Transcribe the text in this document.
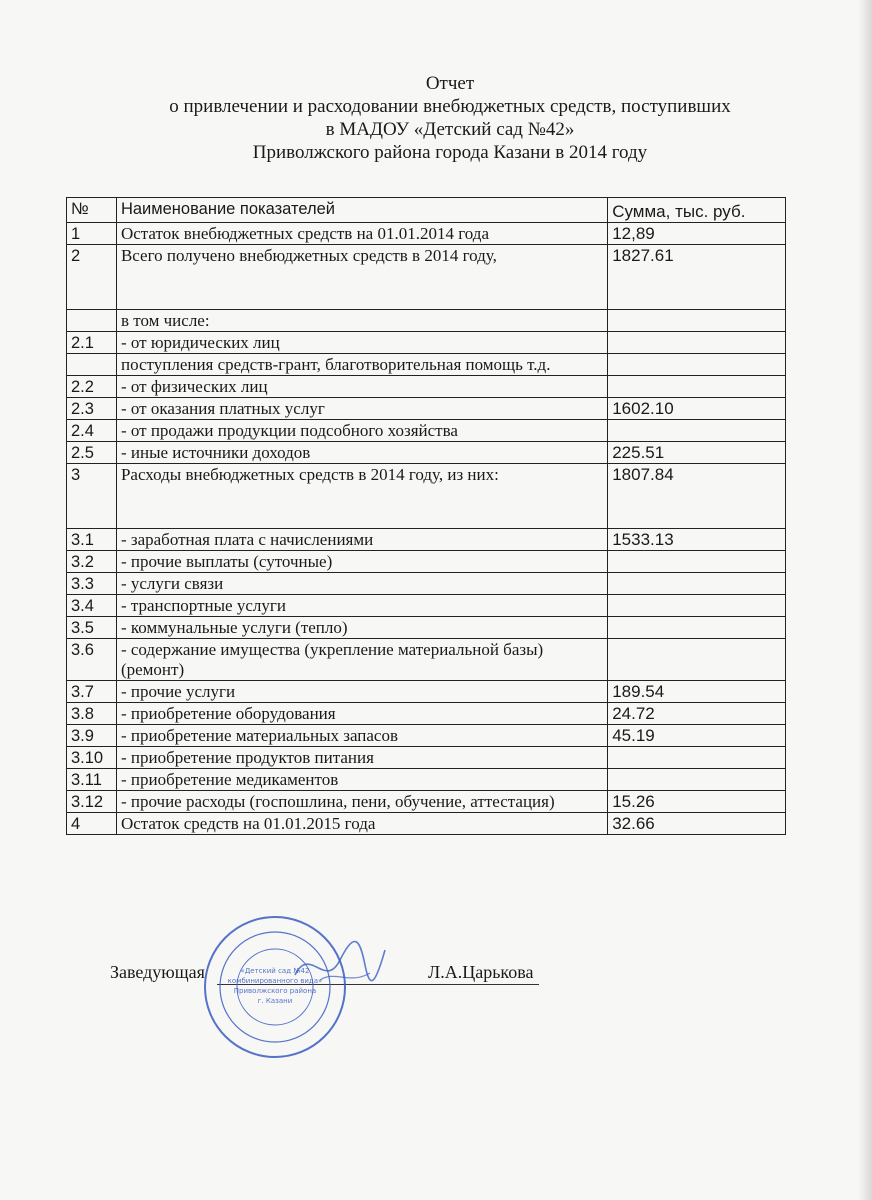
Отчет
о привлечении и расходовании внебюджетных средств, поступивших
в МАДОУ «Детский сад №42»
Приволжского района города Казани в 2014 году
№	Наименование показателей	Сумма, тыс. руб.
1	Остаток внебюджетных средств на 01.01.2014 года	12,89
2	Всего получено внебюджетных средств в 2014 году,	1827.61
	в том числе:	
2.1	- от юридических лиц	
	поступления средств-грант, благотворительная помощь т.д.	
2.2	- от физических лиц	
2.3	- от оказания платных услуг	1602.10
2.4	- от продажи продукции подсобного хозяйства	
2.5	- иные источники доходов	225.51
3	Расходы внебюджетных средств в 2014 году, из них:	1807.84
3.1	- заработная плата с начислениями	1533.13
3.2	- прочие выплаты (суточные)	
3.3	- услуги связи	
3.4	- транспортные услуги	
3.5	- коммунальные услуги (тепло)	
3.6	- содержание имущества (укрепление материальной базы) (ремонт)	
3.7	- прочие услуги	189.54
3.8	- приобретение оборудования	24.72
3.9	- приобретение материальных запасов	45.19
3.10	- приобретение продуктов питания	
3.11	- приобретение медикаментов	
3.12	- прочие расходы (госпошлина, пени, обучение, аттестация)	15.26
4	Остаток средств на 01.01.2015 года	32.66
Заведующая	Л.А.Царькова
«Детский сад №42
комбинированного вида»
Приволжского района
г. Казани
